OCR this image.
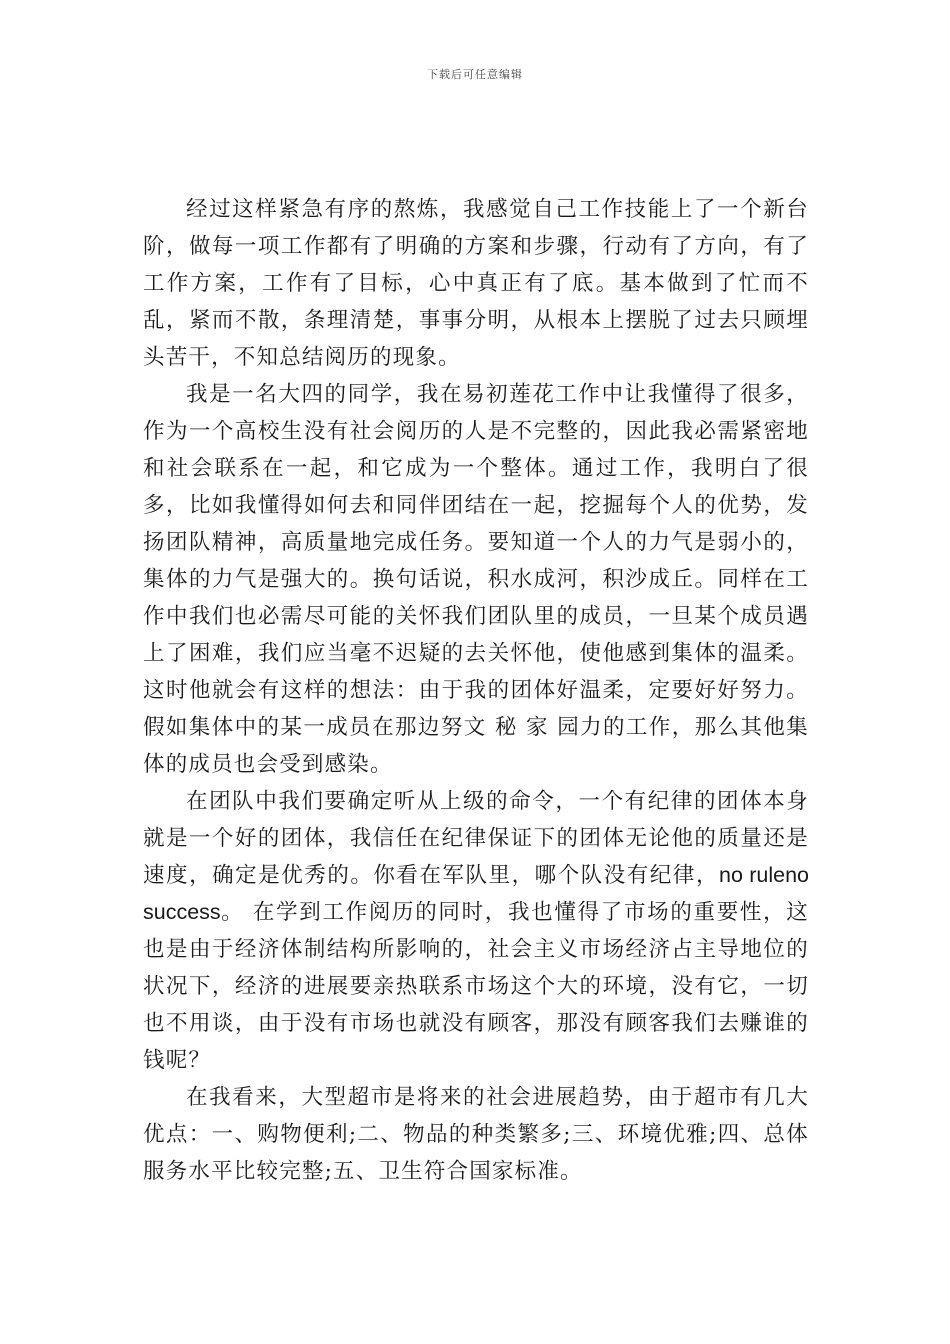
下载后可任意编辑

经过这样紧急有序的熬炼，我感觉自己工作技能上了一个新台阶，做每一项工作都有了明确的方案和步骤，行动有了方向，有了工作方案，工作有了目标，心中真正有了底。基本做到了忙而不乱，紧而不散，条理清楚，事事分明，从根本上摆脱了过去只顾埋头苦干，不知总结阅历的现象。

我是一名大四的同学，我在易初莲花工作中让我懂得了很多，作为一个高校生没有社会阅历的人是不完整的，因此我必需紧密地和社会联系在一起，和它成为一个整体。通过工作，我明白了很多，比如我懂得如何去和同伴团结在一起，挖掘每个人的优势，发扬团队精神，高质量地完成任务。要知道一个人的力气是弱小的，集体的力气是强大的。换句话说，积水成河，积沙成丘。同样在工作中我们也必需尽可能的关怀我们团队里的成员，一旦某个成员遇上了困难，我们应当毫不迟疑的去关怀他，使他感到集体的温柔。这时他就会有这样的想法：由于我的团体好温柔，定要好好努力。假如集体中的某一成员在那边努文 秘 家 园力的工作，那么其他集体的成员也会受到感染。

在团队中我们要确定听从上级的命令，一个有纪律的团体本身就是一个好的团体，我信任在纪律保证下的团体无论他的质量还是速度，确定是优秀的。你看在军队里，哪个队没有纪律，no ruleno success。 在学到工作阅历的同时，我也懂得了市场的重要性，这也是由于经济体制结构所影响的，社会主义市场经济占主导地位的状况下，经济的进展要亲热联系市场这个大的环境，没有它，一切也不用谈，由于没有市场也就没有顾客，那没有顾客我们去赚谁的钱呢？

在我看来，大型超市是将来的社会进展趋势，由于超市有几大优点：一、购物便利;二、物品的种类繁多;三、环境优雅;四、总体服务水平比较完整;五、卫生符合国家标准。
